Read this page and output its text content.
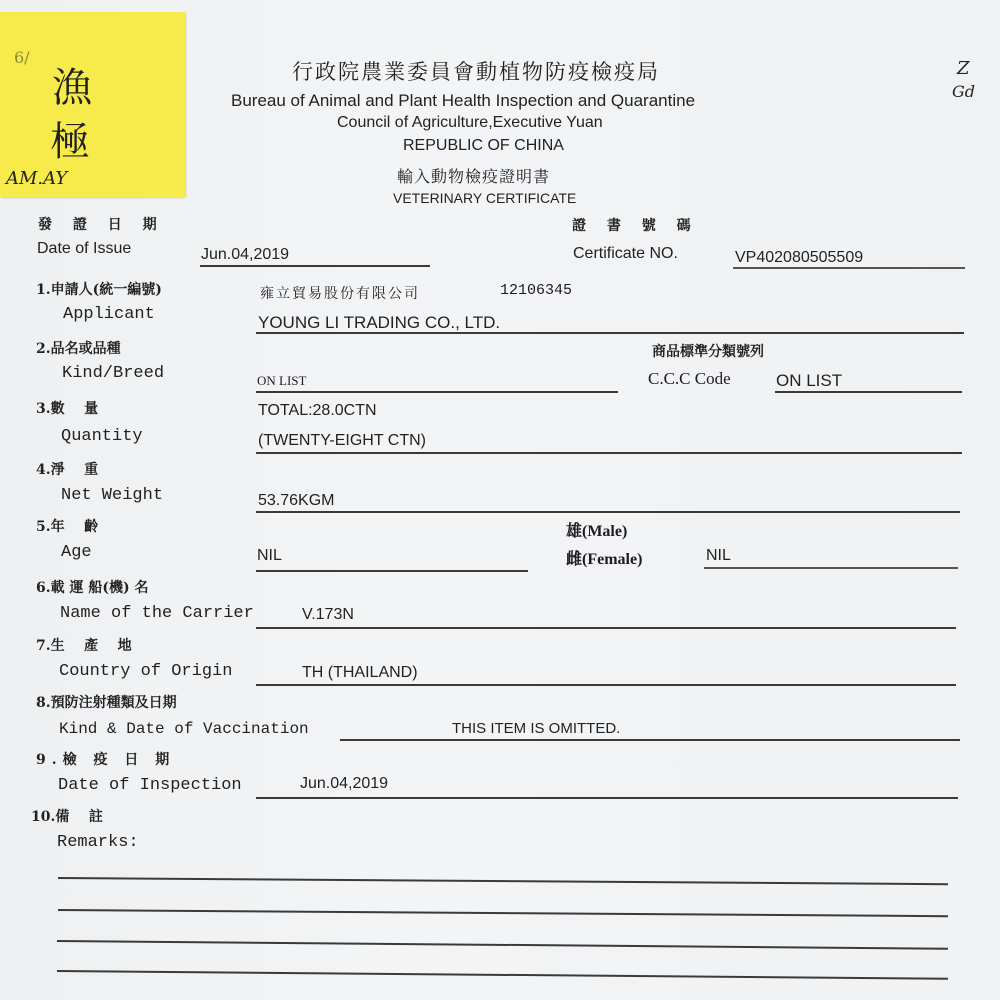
6/
漁
極
AM.AY
Z
Gd
行政院農業委員會動植物防疫檢疫局
Bureau of Animal and Plant Health Inspection and Quarantine
Council of Agriculture,Executive Yuan
REPUBLIC OF CHINA
輸入動物檢疫證明書
VETERINARY CERTIFICATE
發 證 日 期
Date of Issue	Jun.04,2019
證 書 號 碼
Certificate NO.	VP402080505509
1.申請人(統一編號)
Applicant
雍立貿易股份有限公司	12106345
YOUNG LI TRADING CO., LTD.
2.品名或品種
Kind/Breed	ON LIST
商品標準分類號列
C.C.C Code	ON LIST
3.數    量
Quantity
TOTAL:28.0CTN
(TWENTY-EIGHT CTN)
4.淨    重
Net Weight	53.76KGM
5.年    齡
Age	NIL
雄(Male)
雌(Female)	NIL
6.載 運 船(機) 名
Name of the Carrier	V.173N
7.生    產    地
Country of Origin	TH (THAILAND)
8.預防注射種類及日期
Kind & Date of Vaccination	THIS ITEM IS OMITTED.
9.檢 疫 日 期
Date of Inspection	Jun.04,2019
10.備    註
Remarks:
